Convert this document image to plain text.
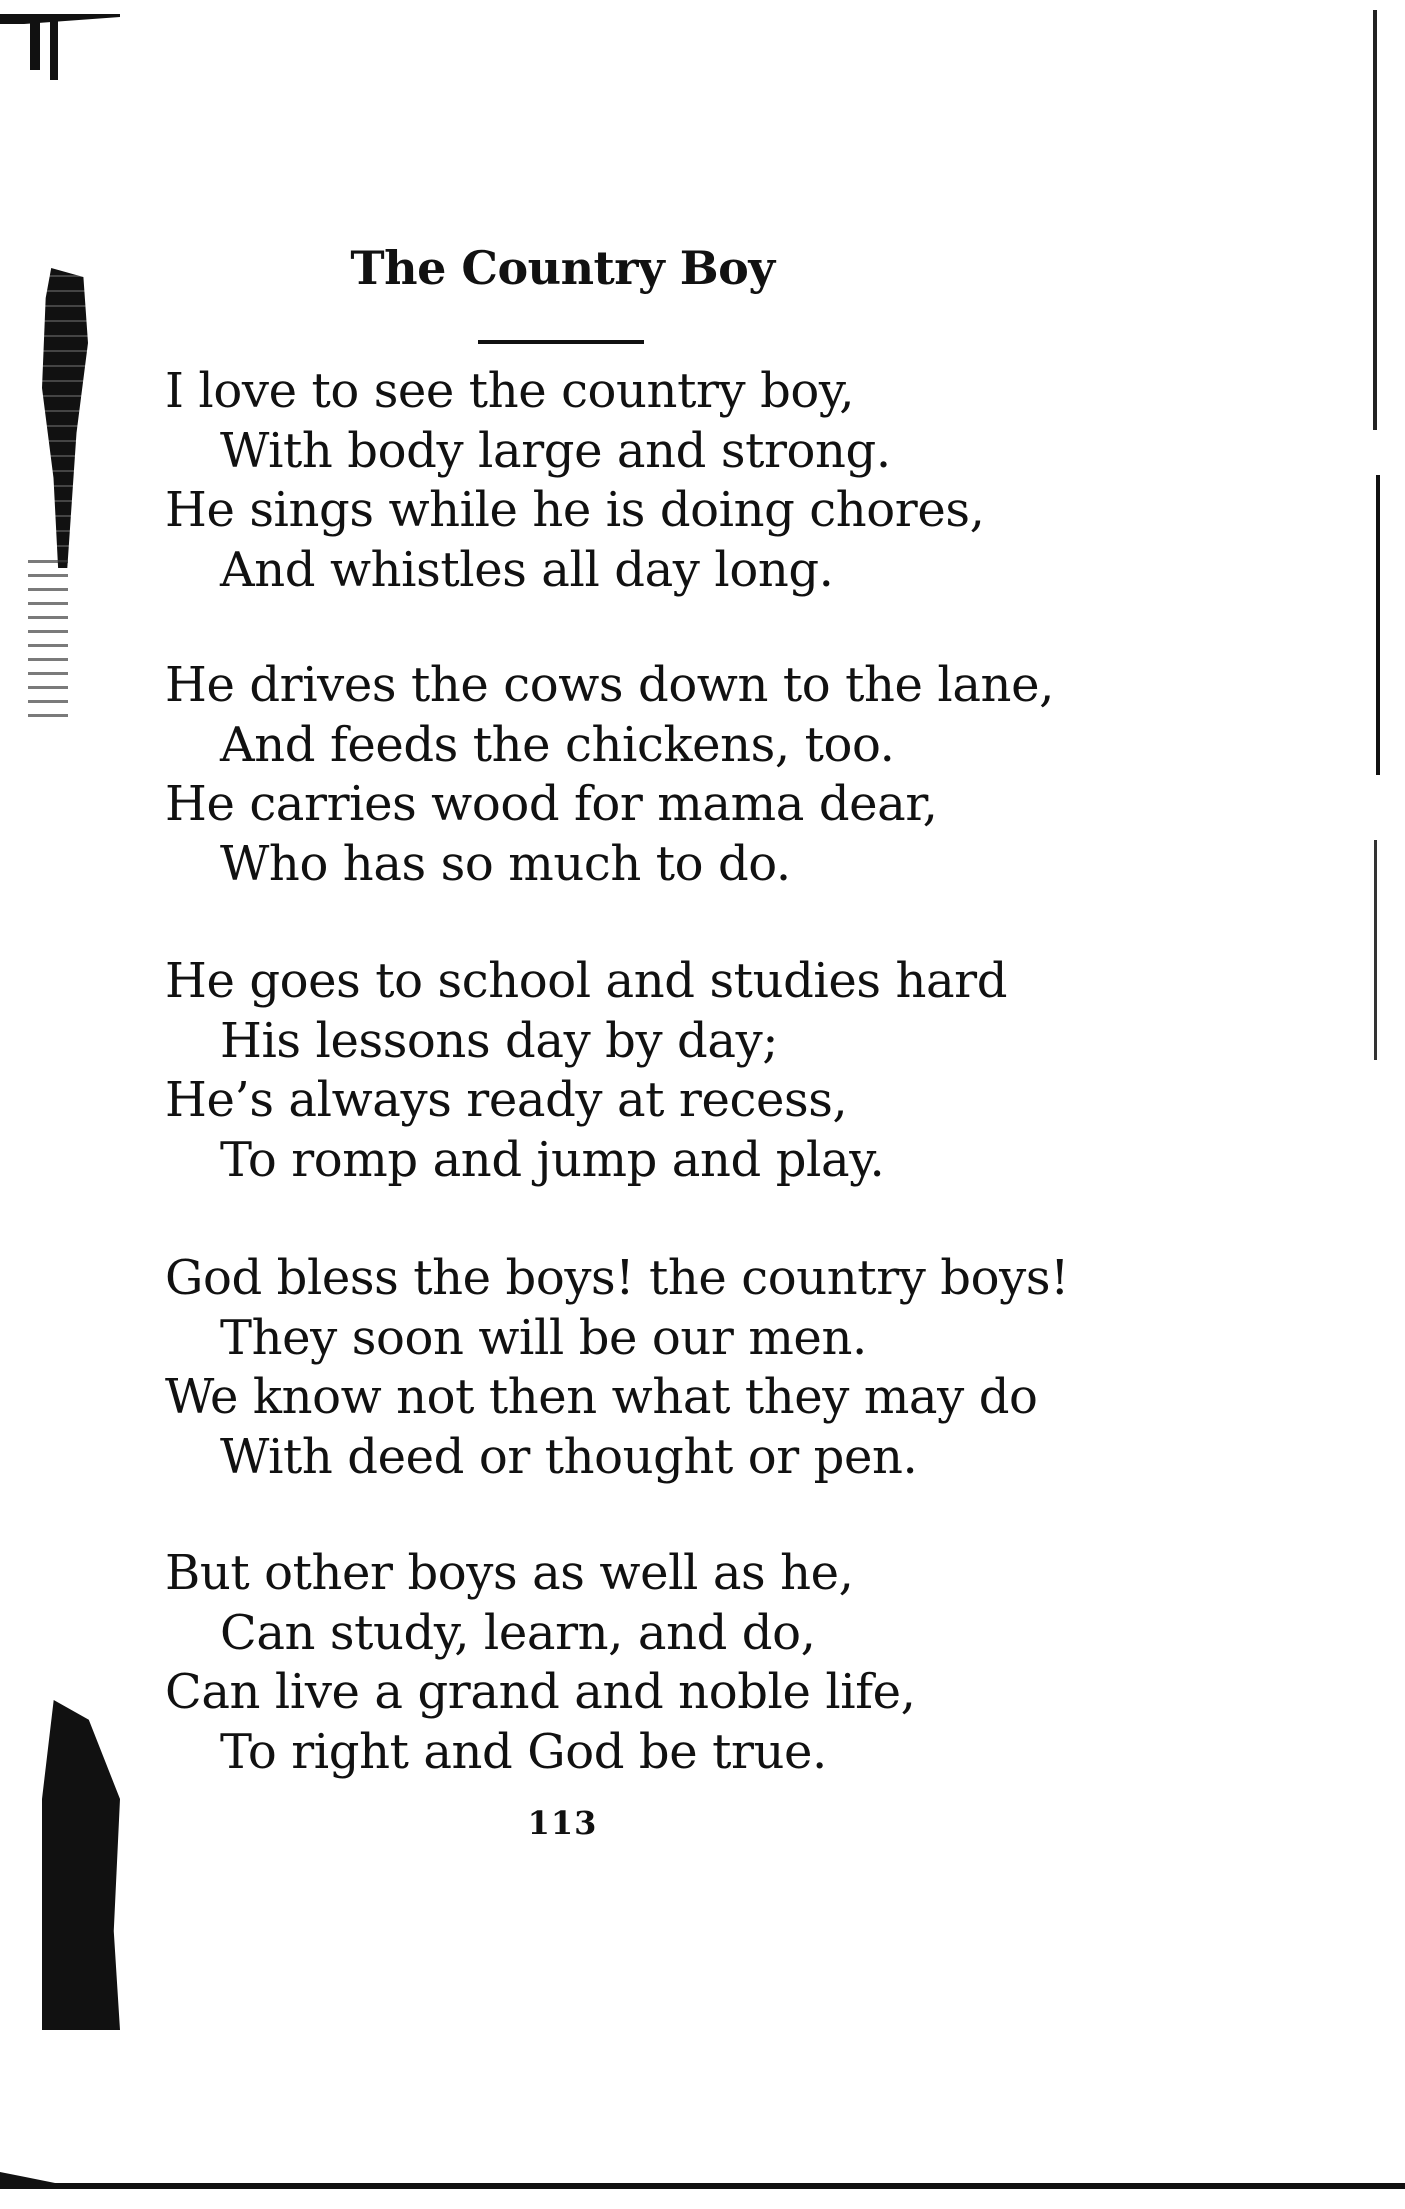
The Country Boy
I love to see the country boy,
With body large and strong.
He sings while he is doing chores,
And whistles all day long.
He drives the cows down to the lane,
And feeds the chickens, too.
He carries wood for mama dear,
Who has so much to do.
He goes to school and studies hard
His lessons day by day;
He’s always ready at recess,
To romp and jump and play.
God bless the boys! the country boys!
They soon will be our men.
We know not then what they may do
With deed or thought or pen.
But other boys as well as he,
Can study, learn, and do,
Can live a grand and noble life,
To right and God be true.
113
